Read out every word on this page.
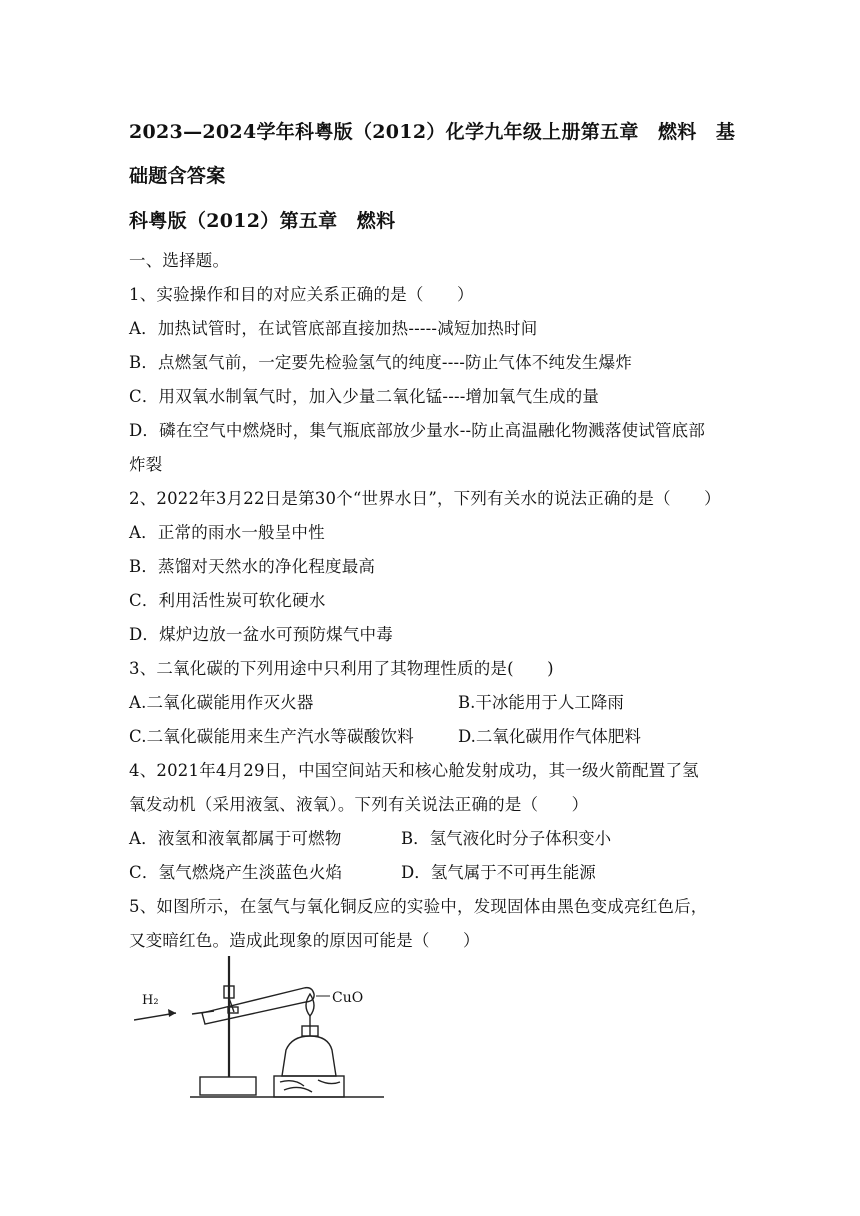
2023—2024学年科粤版（2012）化学九年级上册第五章　燃料　基
础题含答案
科粤版（2012）第五章　燃料
一、选择题。
1、实验操作和目的对应关系正确的是（　　）
A．加热试管时，在试管底部直接加热-----减短加热时间
B．点燃氢气前，一定要先检验氢气的纯度----防止气体不纯发生爆炸
C．用双氧水制氧气时，加入少量二氧化锰----增加氧气生成的量
D．磷在空气中燃烧时，集气瓶底部放少量水--防止高温融化物溅落使试管底部
炸裂
2、2022年3月22日是第30个“世界水日”，下列有关水的说法正确的是（　　）
A．正常的雨水一般呈中性
B．蒸馏对天然水的净化程度最高
C．利用活性炭可软化硬水
D．煤炉边放一盆水可预防煤气中毒
3、二氧化碳的下列用途中只利用了其物理性质的是(　　)
A.二氧化碳能用作灭火器	B.干冰能用于人工降雨
C.二氧化碳能用来生产汽水等碳酸饮料	D.二氧化碳用作气体肥料
4、2021年4月29日，中国空间站天和核心舱发射成功，其一级火箭配置了氢
氧发动机（采用液氢、液氧）。下列有关说法正确的是（　　）
A．液氢和液氧都属于可燃物	B．氢气液化时分子体积变小
C．氢气燃烧产生淡蓝色火焰	D．氢气属于不可再生能源
5、如图所示，在氢气与氧化铜反应的实验中，发现固体由黑色变成亮红色后，
又变暗红色。造成此现象的原因可能是（　　）
H₂	CuO
